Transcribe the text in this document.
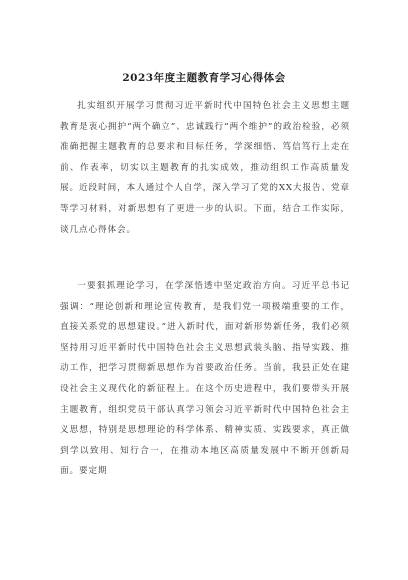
2023年度主题教育学习心得体会

扎实组织开展学习贯彻习近平新时代中国特色社会主义思想主题教育是衷心拥护“两个确立”、忠诚践行“两个维护”的政治检验，必须准确把握主题教育的总要求和目标任务，学深细悟、笃信笃行上走在前、作表率，切实以主题教育的扎实成效，推动组织工作高质量发展。近段时间，本人通过个人自学，深入学习了党的XX大报告、党章等学习材料，对新思想有了更进一步的认识。下面，结合工作实际，谈几点心得体会。

一要狠抓理论学习，在学深悟透中坚定政治方向。习近平总书记强调：“理论创新和理论宣传教育，是我们党一项极端重要的工作，直接关系党的思想建设。”进入新时代，面对新形势新任务，我们必须坚持用习近平新时代中国特色社会主义思想武装头脑、指导实践、推动工作，把学习贯彻新思想作为首要政治任务。当前，我县正处在建设社会主义现代化的新征程上。在这个历史进程中，我们要带头开展主题教育，组织党员干部认真学习领会习近平新时代中国特色社会主义思想，特别是思想理论的科学体系、精神实质、实践要求，真正做到学以致用、知行合一，在推动本地区高质量发展中不断开创新局面。要定期
